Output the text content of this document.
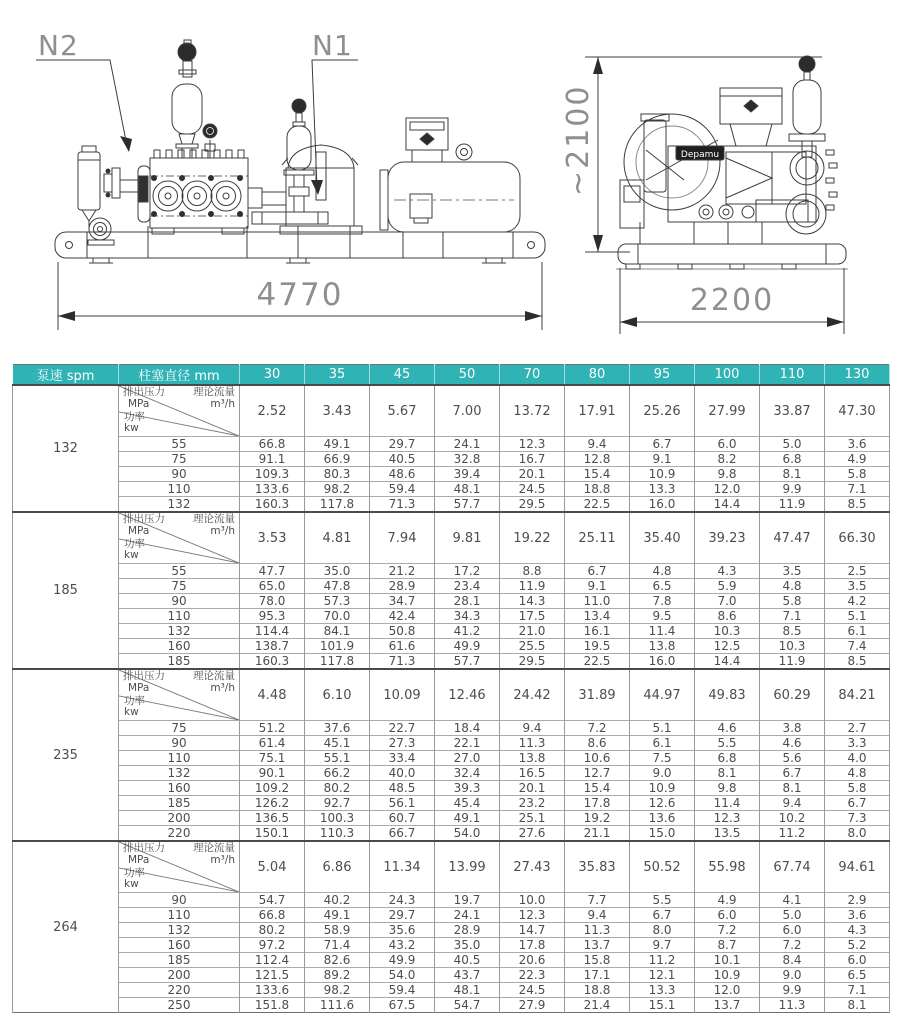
N2	N1
4770
~2100
2200
Depamu
泵速 spm	柱塞直径 mm	30	35	45	50	70	80	95	100	110	130
132	
排出压力
MPa
理论流量
m³/h
功率
kw
	2.52	3.43	5.67	7.00	13.72	17.91	25.26	27.99	33.87	47.30
	55	66.8	49.1	29.7	24.1	12.3	9.4	6.7	6.0	5.0	3.6
	75	91.1	66.9	40.5	32.8	16.7	12.8	9.1	8.2	6.8	4.9
	90	109.3	80.3	48.6	39.4	20.1	15.4	10.9	9.8	8.1	5.8
	110	133.6	98.2	59.4	48.1	24.5	18.8	13.3	12.0	9.9	7.1
	132	160.3	117.8	71.3	57.7	29.5	22.5	16.0	14.4	11.9	8.5
185	
排出压力
MPa
理论流量
m³/h
功率
kw
	3.53	4.81	7.94	9.81	19.22	25.11	35.40	39.23	47.47	66.30
	55	47.7	35.0	21.2	17.2	8.8	6.7	4.8	4.3	3.5	2.5
	75	65.0	47.8	28.9	23.4	11.9	9.1	6.5	5.9	4.8	3.5
	90	78.0	57.3	34.7	28.1	14.3	11.0	7.8	7.0	5.8	4.2
	110	95.3	70.0	42.4	34.3	17.5	13.4	9.5	8.6	7.1	5.1
	132	114.4	84.1	50.8	41.2	21.0	16.1	11.4	10.3	8.5	6.1
	160	138.7	101.9	61.6	49.9	25.5	19.5	13.8	12.5	10.3	7.4
	185	160.3	117.8	71.3	57.7	29.5	22.5	16.0	14.4	11.9	8.5
235	
排出压力
MPa
理论流量
m³/h
功率
kw
	4.48	6.10	10.09	12.46	24.42	31.89	44.97	49.83	60.29	84.21
	75	51.2	37.6	22.7	18.4	9.4	7.2	5.1	4.6	3.8	2.7
	90	61.4	45.1	27.3	22.1	11.3	8.6	6.1	5.5	4.6	3.3
	110	75.1	55.1	33.4	27.0	13.8	10.6	7.5	6.8	5.6	4.0
	132	90.1	66.2	40.0	32.4	16.5	12.7	9.0	8.1	6.7	4.8
	160	109.2	80.2	48.5	39.3	20.1	15.4	10.9	9.8	8.1	5.8
	185	126.2	92.7	56.1	45.4	23.2	17.8	12.6	11.4	9.4	6.7
	200	136.5	100.3	60.7	49.1	25.1	19.2	13.6	12.3	10.2	7.3
	220	150.1	110.3	66.7	54.0	27.6	21.1	15.0	13.5	11.2	8.0
264	
排出压力
MPa
理论流量
m³/h
功率
kw
	5.04	6.86	11.34	13.99	27.43	35.83	50.52	55.98	67.74	94.61
	90	54.7	40.2	24.3	19.7	10.0	7.7	5.5	4.9	4.1	2.9
	110	66.8	49.1	29.7	24.1	12.3	9.4	6.7	6.0	5.0	3.6
	132	80.2	58.9	35.6	28.9	14.7	11.3	8.0	7.2	6.0	4.3
	160	97.2	71.4	43.2	35.0	17.8	13.7	9.7	8.7	7.2	5.2
	185	112.4	82.6	49.9	40.5	20.6	15.8	11.2	10.1	8.4	6.0
	200	121.5	89.2	54.0	43.7	22.3	17.1	12.1	10.9	9.0	6.5
	220	133.6	98.2	59.4	48.1	24.5	18.8	13.3	12.0	9.9	7.1
	250	151.8	111.6	67.5	54.7	27.9	21.4	15.1	13.7	11.3	8.1
